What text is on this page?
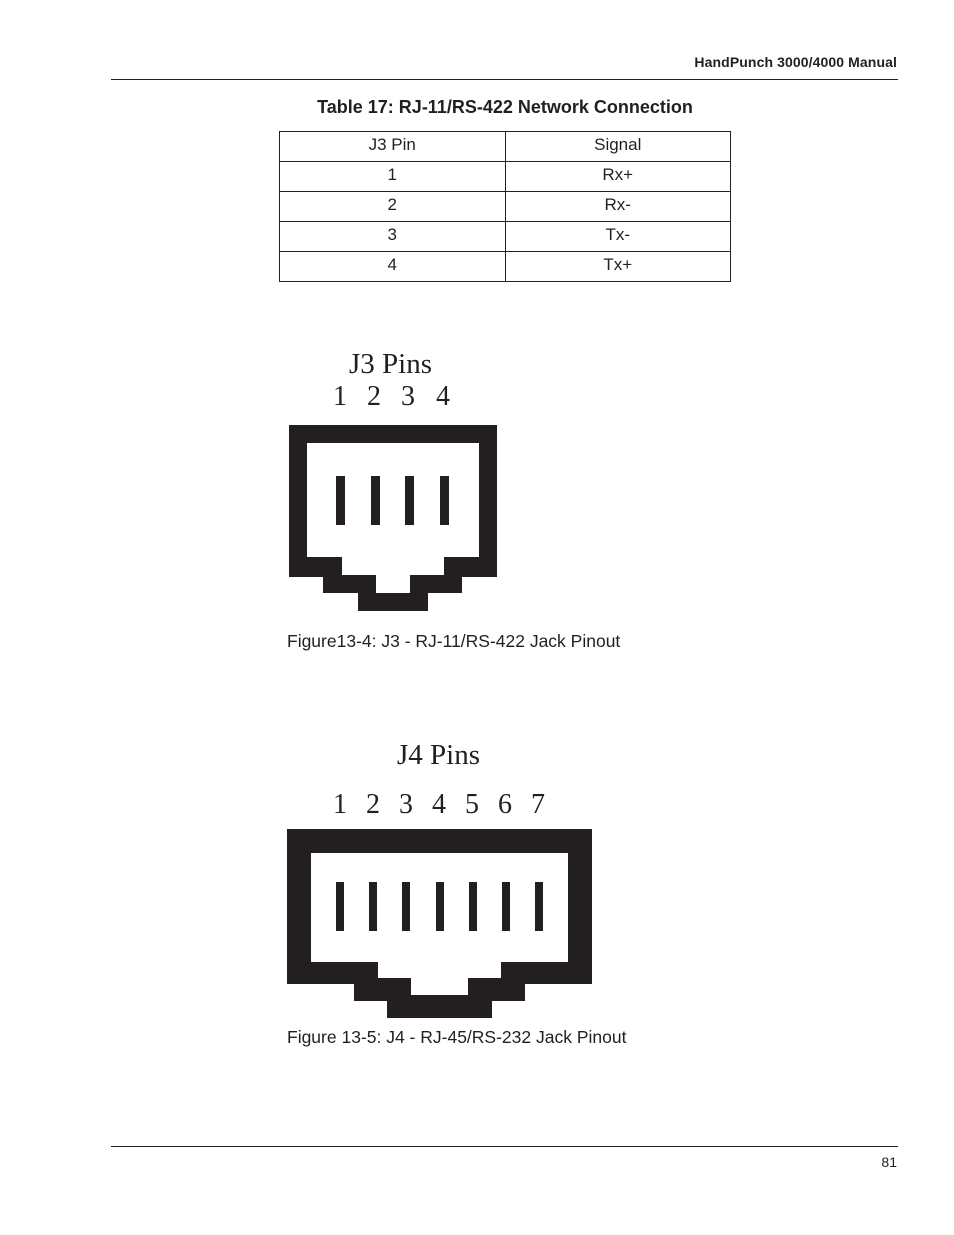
HandPunch 3000/4000 Manual
Table 17: RJ-11/RS-422 Network Connection
J3 Pin	Signal
1	Rx+
2	Rx-
3	Tx-
4	Tx+
J3 Pins
1 2 3 4
Figure13-4: J3 - RJ-11/RS-422 Jack Pinout
J4 Pins
1 2 3 4 5 6 7
Figure 13-5: J4 - RJ-45/RS-232 Jack Pinout
81
